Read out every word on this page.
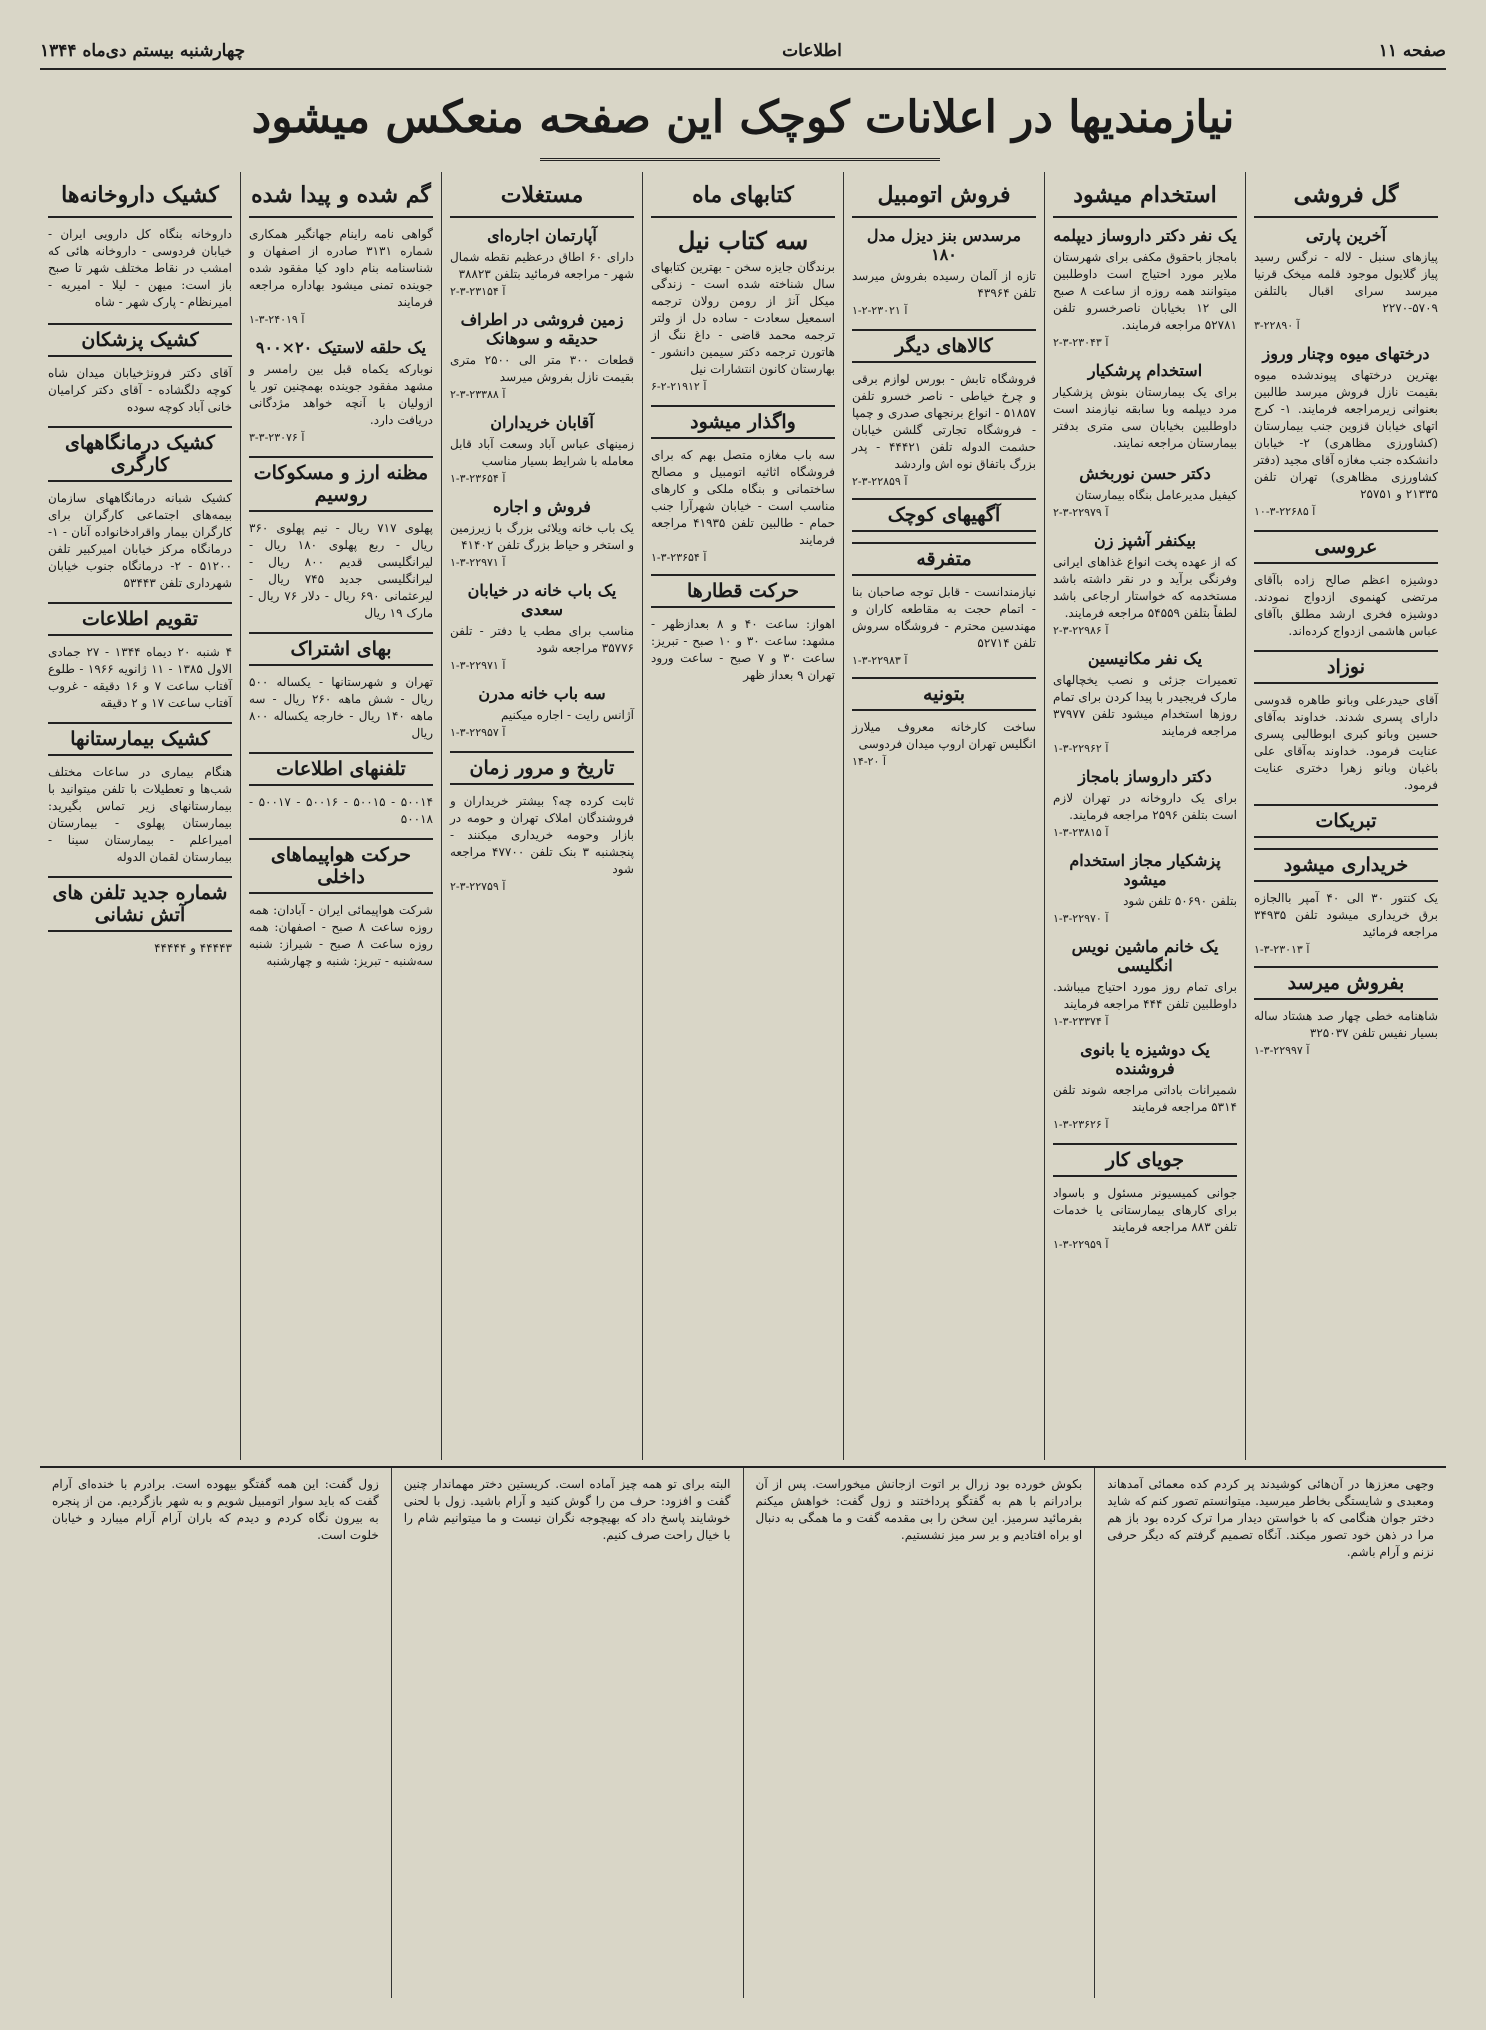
صفحه ۱۱
اطلاعات
چهارشنبه بیستم دی‌ماه ۱۳۴۴
نیازمندیها در اعلانات کوچک این صفحه منعکس میشود
گل فروشی
آخرین پارتی
پیازهای سنبل - لاله - نرگس رسید پیاز گلایول موجود قلمه میخک قرنیا میرسد سرای اقبال بالتلفن ۵۷۰۹-۲۲۷۰
آ ۲۲۸۹۰-۳
درختهای میوه وچنار وروز
بهترین درختهای پیوندشده میوه بقیمت نازل فروش میرسد طالبین بعنوانی زیرمراجعه فرمایند. ۱- کرج اتهای خیابان قزوین جنب بیمارستان (کشاورزی مظاهری) ۲- خیابان دانشکده جنب مغازه آقای مجید (دفتر کشاورزی مظاهری) تهران تلفن ۲۱۳۳۵ و ۲۵۷۵۱
آ ۲۲۶۸۵-۳-۱۰
عروسی
دوشیزه اعظم صالح زاده باآقای مرتضی کهنموی ازدواج نمودند. دوشیزه فخری ارشد مطلق باآقای عباس هاشمی ازدواج کرده‌اند.
نوزاد
آقای حیدرعلی وبانو طاهره قدوسی دارای پسری شدند. خداوند به‌آقای حسین وبانو کبری ابوطالبی پسری عنایت فرمود. خداوند به‌آقای علی باغبان وبانو زهرا دختری عنایت فرمود.
تبریکات
خریداری میشود
یک کنتور ۳۰ الی ۴۰ آمپر باالجازه برق خریداری میشود تلفن ۳۴۹۳۵ مراجعه فرمائید
آ ۲۳۰۱۳-۳-۱
بفروش میرسد
شاهنامه خطی چهار صد هشتاد ساله بسیار نفیس تلفن ۳۲۵۰۳۷
آ ۲۲۹۹۷-۳-۱
استخدام میشود
یک نفر دکتر داروساز دیپلمه
بامجاز باحقوق مکفی برای شهرستان ملایر مورد احتیاج است داوطلبین میتوانند همه روزه از ساعت ۸ صبح الی ۱۲ بخیابان ناصرخسرو تلفن ۵۲۷۸۱ مراجعه فرمایند.
آ ۲۳۰۴۳-۳-۲
استخدام پرشکیار
برای یک بیمارستان بنوش پزشکیار مرد دیپلمه وبا سابقه نیازمند است داوطلبین بخیابان سی متری بدفتر بیمارستان مراجعه نمایند.
دکتر حسن نوربخش
کیفیل مدیرعامل بنگاه بیمارستان
آ ۲۲۹۷۹-۳-۲
بیکنفر آشپز زن
که از عهده پخت انواع غذاهای ایرانی وفرنگی برآید و در نقر داشته باشد مستخدمه که خواستار ارجاعی باشد لطفاً بتلفن ۵۴۵۵۹ مراجعه فرمایند.
آ ۲۲۹۸۶-۳-۲
یک نفر مکانیسین
تعمیرات جزئی و نصب یخچالهای مارک فریجیدر با پیدا کردن برای تمام روزها استخدام میشود تلفن ۳۷۹۷۷ مراجعه فرمایند
آ ۲۲۹۶۲-۳-۱
دکتر داروساز بامجاز
برای یک داروخانه در تهران لازم است بتلفن ۲۵۹۶ مراجعه فرمایند.
آ ۲۳۸۱۵-۳-۱
پزشکیار مجاز استخدام میشود
بتلفن ۵۰۶۹۰ تلفن شود
آ ۲۲۹۷۰-۳-۱
یک خانم ماشین نویس انگلیسی
برای تمام روز مورد احتیاج میباشد. داوطلبین تلفن ۴۴۴ مراجعه فرمایند
آ ۲۳۳۷۴-۳-۱
یک دوشیزه یا بانوی فروشنده
شمیرانات باداتی مراجعه شوند تلفن ۵۳۱۴ مراجعه فرمایند
آ ۲۳۶۲۶-۳-۱
جویای کار
جوانی کمیسیونر مسئول و باسواد برای کارهای بیمارستانی یا خدمات تلفن ۸۸۳ مراجعه فرمایند
آ ۲۲۹۵۹-۳-۱
فروش اتومبیل
مرسدس بنز دیزل مدل ۱۸۰
تازه از آلمان رسیده بفروش میرسد تلفن ۴۳۹۶۴
آ ۲۳۰۲۱-۲-۱
کالاهای دیگر
فروشگاه تابش - بورس لوازم برقی و چرخ خیاطی - ناصر خسرو تلفن ۵۱۸۵۷ - انواع برنجهای صدری و چمپا - فروشگاه تجارتی گلشن خیابان حشمت الدوله تلفن ۴۴۴۲۱ - پدر بزرگ باتفاق نوه اش واردشد
آ ۲۲۸۵۹-۳-۲
آگهیهای کوچک
متفرقه
نیازمندانست - قابل توجه صاحبان بنا - اتمام حجت به مقاطعه کاران و مهندسین محترم - فروشگاه سروش تلفن ۵۲۷۱۴
آ ۲۲۹۸۳-۳-۱
بتونیه
ساخت کارخانه معروف میلارز انگلیس تهران اروپ میدان فردوسی
آ ۲۰-۱۴
کتابهای ماه
سه کتاب نیل
برندگان جایزه سخن - بهترین کتابهای سال شناخته شده است - زندگی میکل آنژ از رومن رولان ترجمه اسمعیل سعادت - ساده دل از ولتر ترجمه محمد قاضی - داغ ننگ از هاتورن ترجمه دکتر سیمین دانشور - بهارستان کانون انتشارات نیل
آ ۲۱۹۱۲-۲-۶
واگذار میشود
سه باب مغازه متصل بهم که برای فروشگاه اثاثیه اتومبیل و مصالح ساختمانی و بنگاه ملکی و کارهای مناسب است - خیابان شهرآرا جنب حمام - طالبین تلفن ۴۱۹۳۵ مراجعه فرمایند
آ ۲۳۶۵۴-۳-۱
حرکت قطارها
اهواز: ساعت ۴۰ و ۸ بعدازظهر - مشهد: ساعت ۳۰ و ۱۰ صبح - تبریز: ساعت ۳۰ و ۷ صبح - ساعت ورود تهران ۹ بعداز ظهر
مستغلات
آپارتمان اجاره‌ای
دارای ۶۰ اطاق درعظیم نقطه شمال شهر - مراجعه فرمائید بتلفن ۳۸۸۲۳
آ ۲۳۱۵۴-۳-۲
زمین فروشی در اطراف حدیقه و سوهانک
قطعات ۳۰۰ متر الی ۲۵۰۰ متری بقیمت نازل بفروش میرسد
آ ۲۳۳۸۸-۳-۲
آقابان خریداران
زمینهای عباس آباد وسعت آباد قابل معامله با شرایط بسیار مناسب
آ ۲۳۶۵۴-۳-۱
فروش و اجاره
یک باب خانه ویلائی بزرگ با زیرزمین و استخر و حیاط بزرگ تلفن ۴۱۴۰۲
آ ۲۲۹۷۱-۳-۱
یک باب خانه در خیابان سعدی
مناسب برای مطب یا دفتر - تلفن ۳۵۷۷۶ مراجعه شود
آ ۲۲۹۷۱-۳-۱
سه باب خانه مدرن
آژانس رایت - اجاره میکنیم
آ ۲۲۹۵۷-۳-۱
تاریخ و مرور زمان
ثابت کرده چه؟ بیشتر خریداران و فروشندگان املاک تهران و حومه در بازار وحومه خریداری میکنند - پنجشنبه ۳ بنک تلفن ۴۷۷۰۰ مراجعه شود
آ ۲۲۷۵۹-۳-۲
گم شده و پیدا شده
گواهی نامه راینام جهانگیر همکاری شماره ۳۱۳۱ صادره از اصفهان و شناسنامه بنام داود کیا مفقود شده جوینده تمنی میشود بهاداره مراجعه فرمایند
آ ۲۴۰۱۹-۳-۱
یک حلقه لاستیک ۲۰×۹۰۰
نوبارکه یکماه قبل بین رامسر و مشهد مفقود جوینده بهمچنین تور یا ازولیان با آنچه خواهد مژدگانی دریافت دارد.
آ ۲۳۰۷۶-۳-۳
مظنه ارز و مسکوکات روسیم
پهلوی ۷۱۷ ریال - نیم پهلوی ۳۶۰ ریال - ربع پهلوی ۱۸۰ ریال - لیرانگلیسی قدیم ۸۰۰ ریال - لیرانگلیسی جدید ۷۴۵ ریال - لیرعثمانی ۶۹۰ ریال - دلار ۷۶ ریال - مارک ۱۹ ریال
بهای اشتراک
تهران و شهرستانها - یکساله ۵۰۰ ریال - شش ماهه ۲۶۰ ریال - سه ماهه ۱۴۰ ریال - خارجه یکساله ۸۰۰ ریال
تلفنهای اطلاعات
۵۰۰۱۴ - ۵۰۰۱۵ - ۵۰۰۱۶ - ۵۰۰۱۷ - ۵۰۰۱۸
حرکت هواپیماهای داخلی
شرکت هواپیمائی ایران - آبادان: همه روزه ساعت ۸ صبح - اصفهان: همه روزه ساعت ۸ صبح - شیراز: شنبه سه‌شنبه - تبریز: شنبه و چهارشنبه
کشیک داروخانه‌ها
داروخانه بنگاه کل دارویی ایران - خیابان فردوسی - داروخانه هائی که امشب در نقاط مختلف شهر تا صبح باز است: میهن - لیلا - امیریه - امیرنظام - پارک شهر - شاه
کشیک پزشکان
آقای دکتر فرونژخیابان میدان شاه کوچه دلگشاده - آقای دکتر کرامیان خانی آباد کوچه سوده
کشیک درمانگاههای کارگری
کشیک شبانه درمانگاههای سازمان بیمه‌های اجتماعی کارگران برای کارگران بیمار واقرادخانواده آنان - ۱- درمانگاه مرکز خیابان امیرکبیر تلفن ۵۱۲۰۰ - ۲- درمانگاه جنوب خیابان شهرداری تلفن ۵۳۴۴۳
تقویم اطلاعات
۴ شنبه ۲۰ دیماه ۱۳۴۴ - ۲۷ جمادی الاول ۱۳۸۵ - ۱۱ ژانویه ۱۹۶۶ - طلوع آفتاب ساعت ۷ و ۱۶ دقیقه - غروب آفتاب ساعت ۱۷ و ۲ دقیقه
کشیک بیمارستانها
هنگام بیماری در ساعات مختلف شب‌ها و تعطیلات با تلفن میتوانید با بیمارستانهای زیر تماس بگیرید: بیمارستان پهلوی - بیمارستان امیراعلم - بیمارستان سینا - بیمارستان لقمان الدوله
شماره جدید تلفن های آتش نشانی
۴۴۴۴۳ و ۴۴۴۴۴

وجهی معززها در آن‌هائی کوشیدند پر کردم کده معمائی آمدهاند ومعبدی و شایستگی بخاطر میرسید. میتوانستم تصور کنم که شاید دختر جوان هنگامی که با خواستن دیدار مرا ترک کرده بود باز هم مرا در ذهن خود تصور میکند. آنگاه تصمیم گرفتم که دیگر حرفی نزنم و آرام باشم.

بکوش خورده بود زرال بر اتوت ازجانش میخوراست. پس از آن برادرانم با هم به گفتگو پرداختند و زول گفت: خواهش میکنم بفرمائید سرمیز. این سخن را بی مقدمه گفت و ما همگی به دنبال او براه افتادیم و بر سر میز نشستیم.

البته برای تو همه چیز آماده است. کریستین دختر مهماندار چنین گفت و افزود: حرف من را گوش کنید و آرام باشید. زول با لحنی خوشایند پاسخ داد که بهیچوجه نگران نیست و ما میتوانیم شام را با خیال راحت صرف کنیم.

زول گفت: این همه گفتگو بیهوده است. برادرم با خنده‌ای آرام گفت که باید سوار اتومبیل شویم و به شهر بازگردیم. من از پنجره به بیرون نگاه کردم و دیدم که باران آرام آرام میبارد و خیابان خلوت است.
